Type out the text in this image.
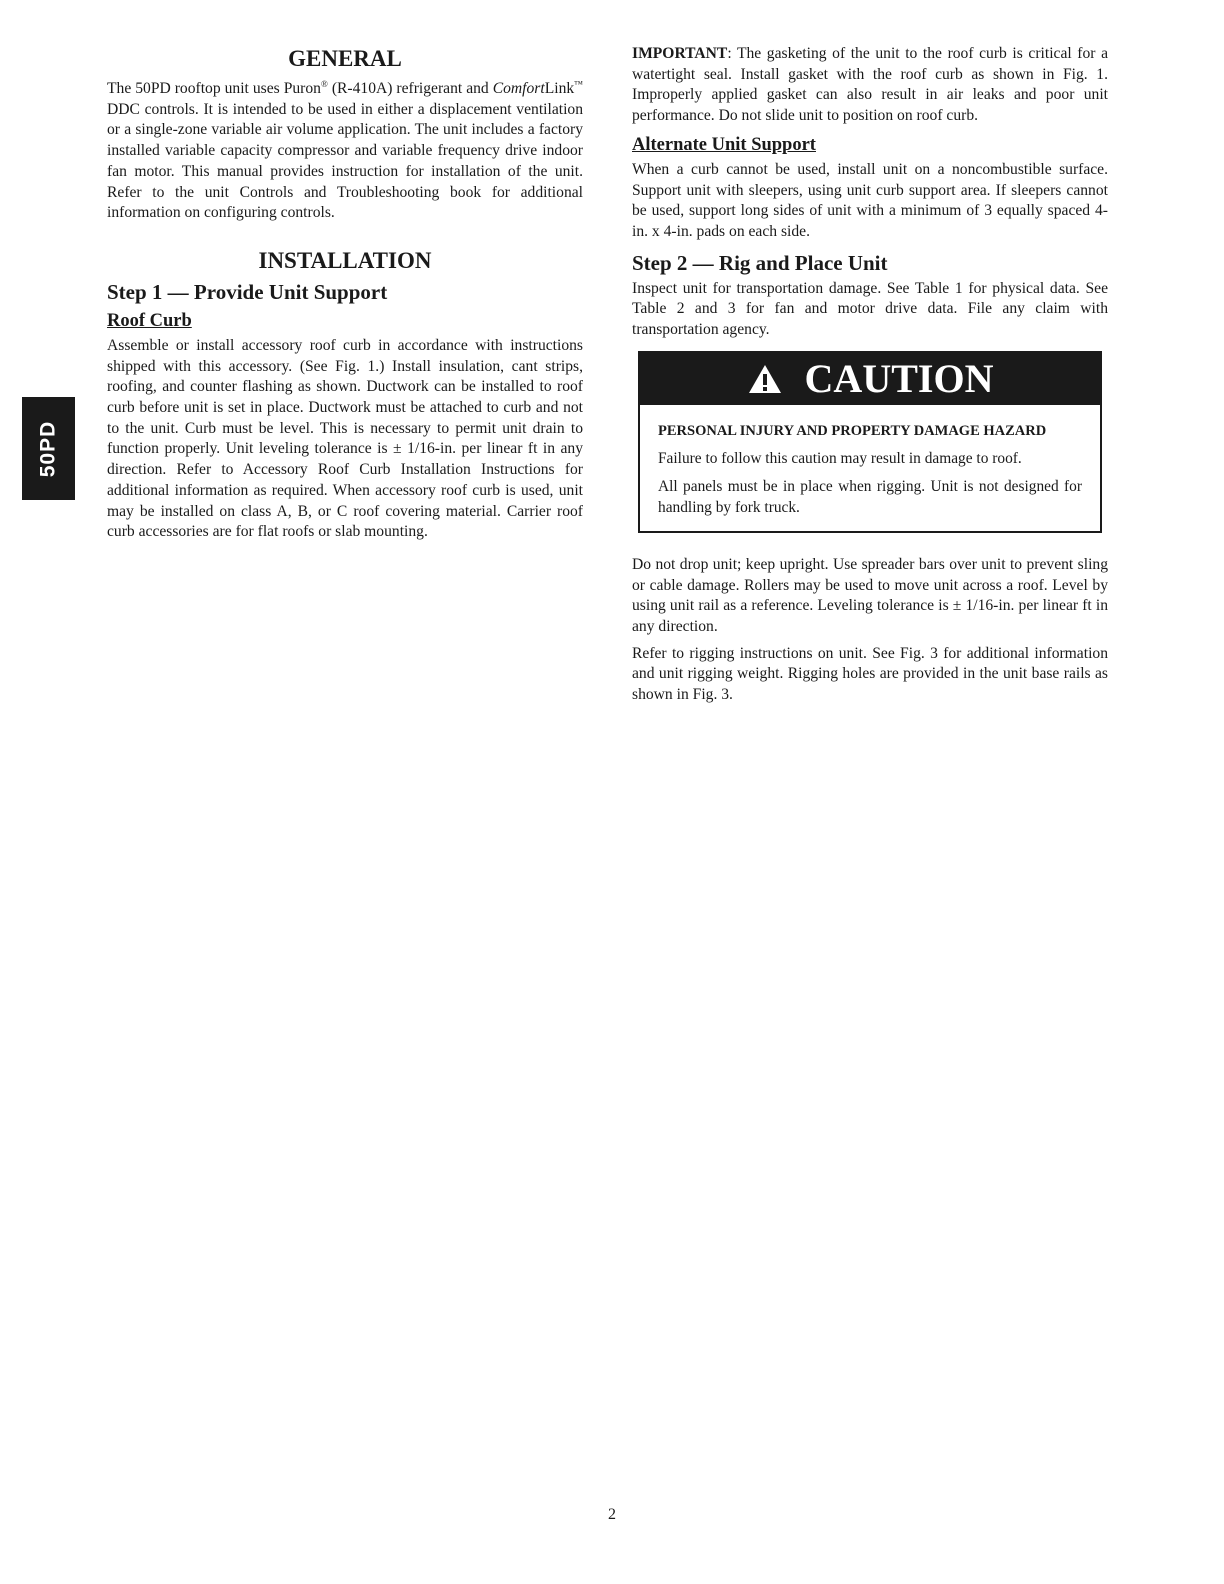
50PD
GENERAL

The 50PD rooftop unit uses Puron® (R-410A) refrigerant and ComfortLink™ DDC controls. It is intended to be used in either a displacement ventilation or a single-zone variable air volume application. The unit includes a factory installed variable capacity compressor and variable frequency drive indoor fan motor. This manual provides instruction for installation of the unit. Refer to the unit Controls and Troubleshooting book for additional information on configuring controls.

INSTALLATION
Step 1 — Provide Unit Support
Roof Curb

Assemble or install accessory roof curb in accordance with instructions shipped with this accessory. (See Fig. 1.) Install insulation, cant strips, roofing, and counter flashing as shown. Ductwork can be installed to roof curb before unit is set in place. Ductwork must be attached to curb and not to the unit. Curb must be level. This is necessary to permit unit drain to function properly. Unit leveling tolerance is ± 1/16-in. per linear ft in any direction. Refer to Accessory Roof Curb Installation Instructions for additional information as required. When accessory roof curb is used, unit may be installed on class A, B, or C roof covering material. Carrier roof curb accessories are for flat roofs or slab mounting.

IMPORTANT: The gasketing of the unit to the roof curb is critical for a watertight seal. Install gasket with the roof curb as shown in Fig. 1. Improperly applied gasket can also result in air leaks and poor unit performance. Do not slide unit to position on roof curb.

Alternate Unit Support

When a curb cannot be used, install unit on a noncombustible surface. Support unit with sleepers, using unit curb support area. If sleepers cannot be used, support long sides of unit with a minimum of 3 equally spaced 4-in. x 4-in. pads on each side.

Step 2 — Rig and Place Unit

Inspect unit for transportation damage. See Table 1 for physical data. See Table 2 and 3 for fan and motor drive data. File any claim with transportation agency.

CAUTION
PERSONAL INJURY AND PROPERTY DAMAGE HAZARD

Failure to follow this caution may result in damage to roof.

All panels must be in place when rigging. Unit is not designed for handling by fork truck.

Do not drop unit; keep upright. Use spreader bars over unit to prevent sling or cable damage. Rollers may be used to move unit across a roof. Level by using unit rail as a reference. Leveling tolerance is ± 1/16-in. per linear ft in any direction.

Refer to rigging instructions on unit. See Fig. 3 for additional information and unit rigging weight. Rigging holes are provided in the unit base rails as shown in Fig. 3.

2
